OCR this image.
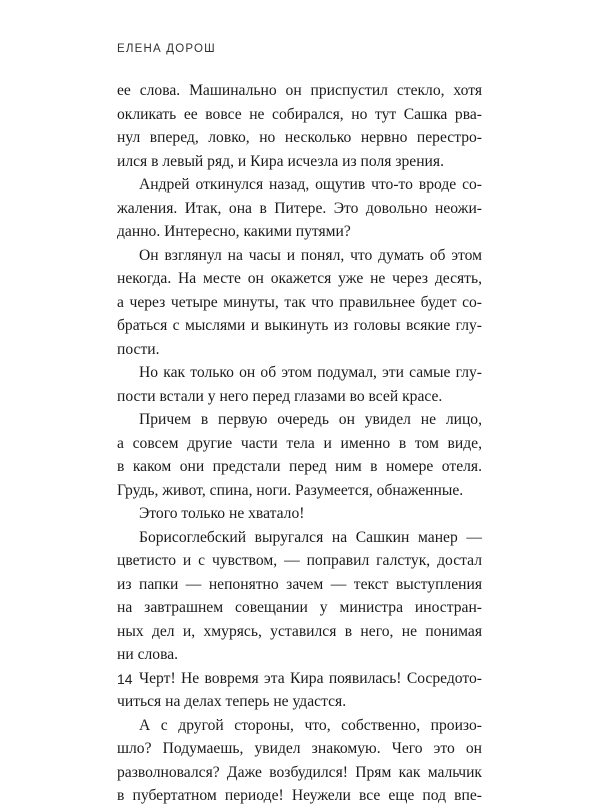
ЕЛЕНА ДОРОШ
ее слова. Машинально он приспустил стекло, хотя
окликать ее вовсе не собирался, но тут Сашка рва-
нул вперед, ловко, но несколько нервно перестро-
ился в левый ряд, и Кира исчезла из поля зрения.
Андрей откинулся назад, ощутив что-то вроде со-
жаления. Итак, она в Питере. Это довольно неожи-
данно. Интересно, какими путями?
Он взглянул на часы и понял, что думать об этом
некогда. На месте он окажется уже не через десять,
а через четыре минуты, так что правильнее будет со-
браться с мыслями и выкинуть из головы всякие глу-
пости.
Но как только он об этом подумал, эти самые глу-
пости встали у него перед глазами во всей красе.
Причем в первую очередь он увидел не лицо,
а совсем другие части тела и именно в том виде,
в каком они предстали перед ним в номере отеля.
Грудь, живот, спина, ноги. Разумеется, обнаженные.
Этого только не хватало!
Борисоглебский выругался на Сашкин манер —
цветисто и с чувством, — поправил галстук, достал
из папки — непонятно зачем — текст выступления
на завтрашнем совещании у министра иностран-
ных дел и, хмурясь, уставился в него, не понимая
ни слова.
Черт! Не вовремя эта Кира появилась! Сосредото-
читься на делах теперь не удастся.
А с другой стороны, что, собственно, произо-
шло? Подумаешь, увидел знакомую. Чего это он
разволновался? Даже возбудился! Прям как мальчик
в пубертатном периоде! Неужели все еще под впе-
14
